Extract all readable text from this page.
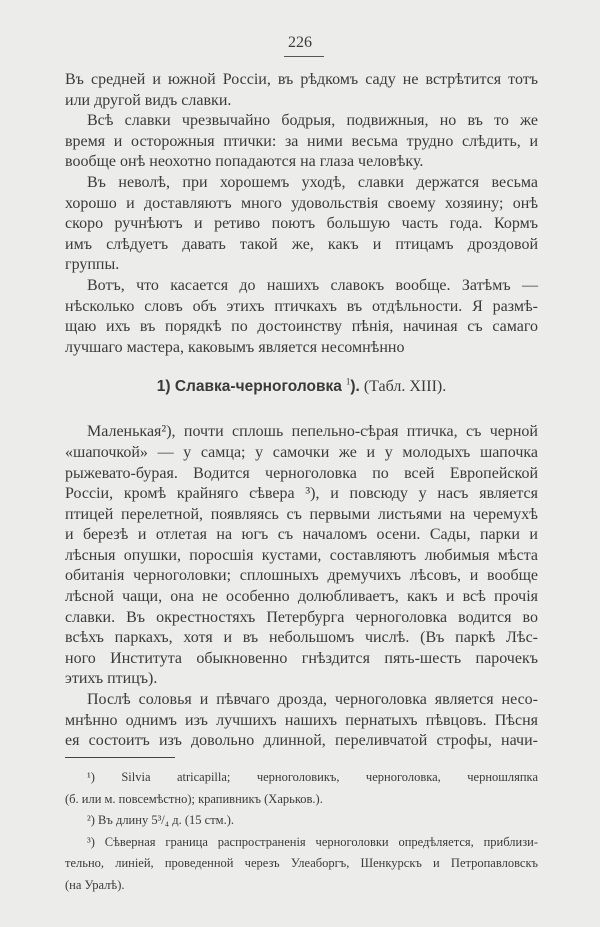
226
Въ средней и южной Россіи, въ рѣдкомъ саду не встрѣтится тотъ
или другой видъ славки.
Всѣ славки чрезвычайно бодрыя, подвижныя, но въ то же
время и осторожныя птички: за ними весьма трудно слѣдить, и
вообще онѣ неохотно попадаются на глаза человѣку.
Въ неволѣ, при хорошемъ уходѣ, славки держатся весьма
хорошо и доставляютъ много удовольствія своему хозяину; онѣ
скоро ручнѣютъ и ретиво поютъ большую часть года. Кормъ
имъ слѣдуетъ давать такой же, какъ и птицамъ дроздовой
группы.
Вотъ, что касается до нашихъ славокъ вообще. Затѣмъ —
нѣсколько словъ объ этихъ птичкахъ въ отдѣльности. Я размѣ-
щаю ихъ въ порядкѣ по достоинству пѣнія, начиная съ самаго
лучшаго мастера, каковымъ является несомнѣнно
1) Славка-черноголовка $^1$). (Табл. XIII).
Маленькая²), почти сплошь пепельно-сѣрая птичка, съ черной
«шапочкой» — у самца; у самочки же и у молодыхъ шапочка
рыжевато-бурая. Водится черноголовка по всей Европейской
Россіи, кромѣ крайняго сѣвера ³), и повсюду у насъ является
птицей перелетной, появляясь съ первыми листьями на черемухѣ
и березѣ и отлетая на югъ съ началомъ осени. Сады, парки и
лѣсныя опушки, поросшія кустами, составляютъ любимыя мѣста
обитанія черноголовки; сплошныхъ дремучихъ лѣсовъ, и вообще
лѣсной чащи, она не особенно долюбливаетъ, какъ и всѣ прочія
славки. Въ окрестностяхъ Петербурга черноголовка водится во
всѣхъ паркахъ, хотя и въ небольшомъ числѣ. (Въ паркѣ Лѣс-
ного Института обыкновенно гнѣздится пять-шесть парочекъ
этихъ птицъ).
Послѣ соловья и пѣвчаго дрозда, черноголовка является несо-
мнѣнно однимъ изъ лучшихъ нашихъ пернатыхъ пѣвцовъ. Пѣсня
ея состоитъ изъ довольно длинной, переливчатой строфы, начи-
¹) Silvia atricapilla; черноголовикъ, черноголовка, черношляпка
(б. или м. повсемѣстно); крапивникъ (Харьков.).
²) Въ длину 5³/₄ д. (15 стм.).
³) Сѣверная граница распространенія черноголовки опредѣляется, приблизи-
тельно, линіей, проведенной черезъ Улеаборгъ, Шенкурскъ и Петропавловскъ
(на Уралѣ).
